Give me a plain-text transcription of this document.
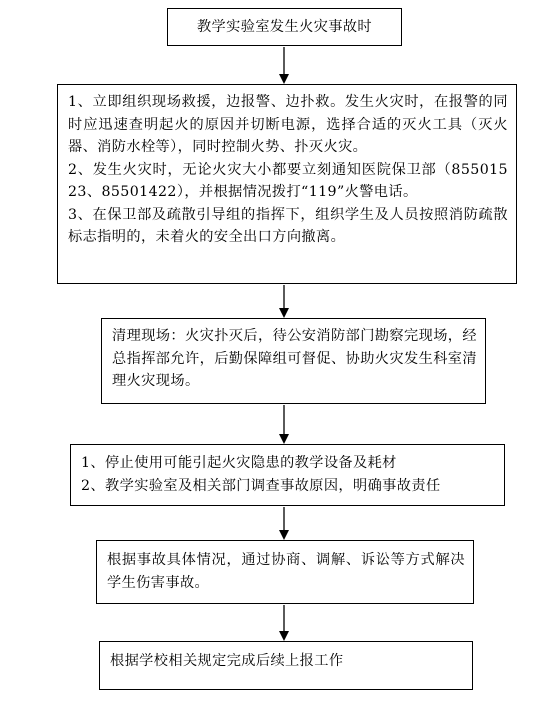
教学实验室发生火灾事故时

1、立即组织现场救援，边报警、边扑救。发生火灾时，在报警的同时应迅速查明起火的原因并切断电源，选择合适的灭火工具（灭火器、消防水栓等），同时控制火势、扑灭火灾。

2、发生火灾时，无论火灾大小都要立刻通知医院保卫部（85501523、85501422），并根据情况拨打“119”火警电话。

3、在保卫部及疏散引导组的指挥下，组织学生及人员按照消防疏散标志指明的，未着火的安全出口方向撤离。

清理现场：火灾扑灭后，待公安消防部门勘察完现场，经总指挥部允许，后勤保障组可督促、协助火灾发生科室清理火灾现场。

1、停止使用可能引起火灾隐患的教学设备及耗材

2、教学实验室及相关部门调查事故原因，明确事故责任

根据事故具体情况，通过协商、调解、诉讼等方式解决学生伤害事故。

根据学校相关规定完成后续上报工作
